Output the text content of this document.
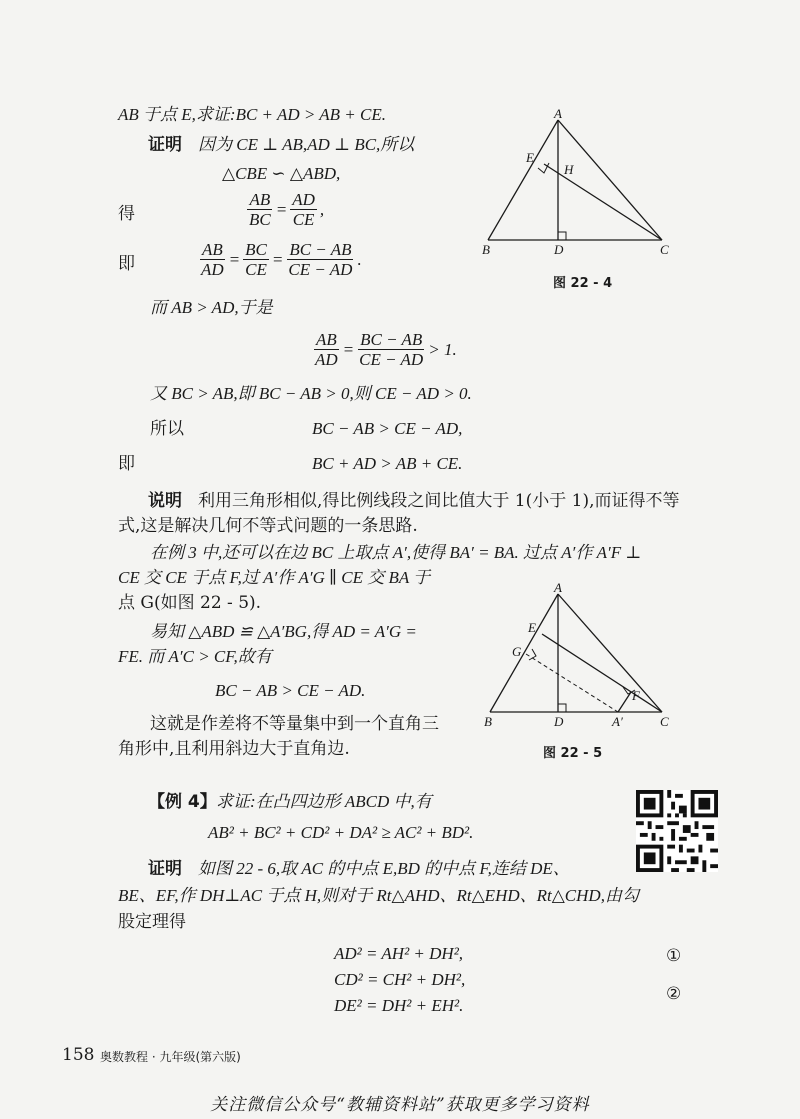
AB 于点 E,求证:BC + AD > AB + CE.
证明 因为 CE ⊥ AB,AD ⊥ BC,所以
△CBE ∽ △ABD,
得	$\frac{AB}{BC} = \frac{AD}{CE}$ ,
即	$\frac{AB}{AD} = \frac{BC}{CE} = \frac{BC - AB}{CE - AD}$ .
而 AB > AD,于是
$\frac{AB}{AD} = \frac{BC - AB}{CE - AD} > 1$.
又 BC > AB,即 BC − AB > 0,则 CE − AD > 0.
所以	BC − AB > CE − AD,
即	BC + AD > AB + CE.
说明 利用三角形相似,得比例线段之间比值大于 1(小于 1),而证得不等
式,这是解决几何不等式问题的一条思路.
在例 3 中,还可以在边 BC 上取点 A′,使得 BA′ = BA. 过点 A′作 A′F ⊥
CE 交 CE 于点 F,过 A′作 A′G ∥ CE 交 BA 于
点 G(如图 22 - 5).
易知 △ABD ≌ △A′BG,得 AD = A′G =
FE. 而 A′C > CF,故有
BC − AB > CE − AD.
这就是作差将不等量集中到一个直角三
角形中,且利用斜边大于直角边.
【例 4】 求证:在凸四边形 ABCD 中,有
AB² + BC² + CD² + DA² ≥ AC² + BD².
证明 如图 22 - 6,取 AC 的中点 E,BD 的中点 F,连结 DE、
BE、EF,作 DH⊥AC 于点 H,则对于 Rt△AHD、Rt△EHD、Rt△CHD,由勾
股定理得
AD² = AH² + DH²,
CD² = CH² + DH²,
DE² = DH² + EH².
①
②
A
B	C
D
E
H
图 22 - 4
A
B	C
D
E
G
F
A′
图 22 - 5
158 奥数教程 · 九年级(第六版)
关注微信公众号“教辅资料站”获取更多学习资料
